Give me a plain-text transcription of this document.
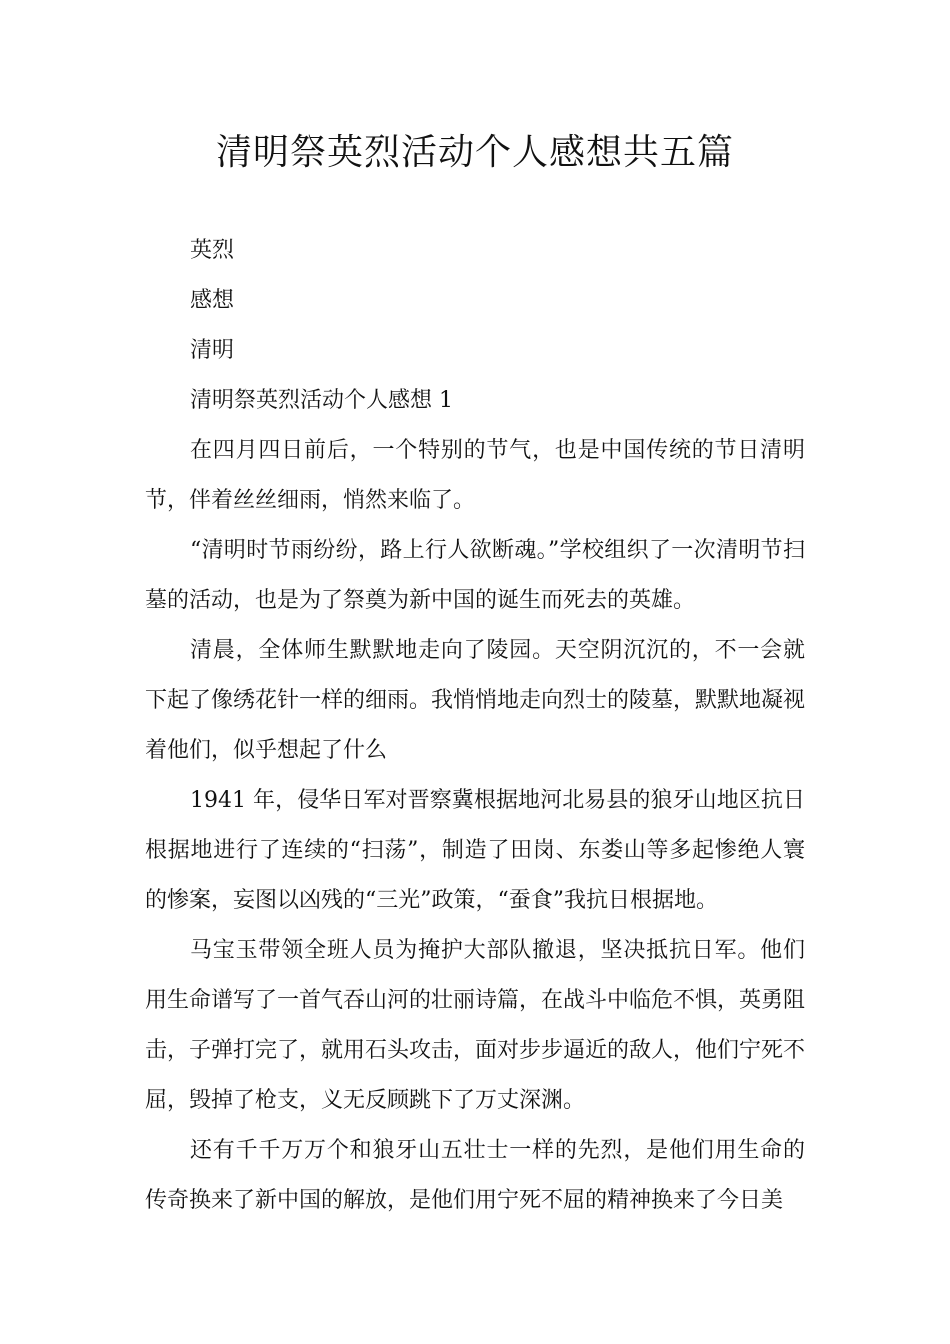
清明祭英烈活动个人感想共五篇

英烈

感想

清明

清明祭英烈活动个人感想 1

在四月四日前后，一个特别的节气，也是中国传统的节日清明节，伴着丝丝细雨，悄然来临了。

“清明时节雨纷纷，路上行人欲断魂。”学校组织了一次清明节扫墓的活动，也是为了祭奠为新中国的诞生而死去的英雄。

清晨，全体师生默默地走向了陵园。天空阴沉沉的，不一会就下起了像绣花针一样的细雨。我悄悄地走向烈士的陵墓，默默地凝视着他们，似乎想起了什么

1941 年，侵华日军对晋察冀根据地河北易县的狼牙山地区抗日根据地进行了连续的“扫荡”，制造了田岗、东娄山等多起惨绝人寰的惨案，妄图以凶残的“三光”政策，“蚕食”我抗日根据地。

马宝玉带领全班人员为掩护大部队撤退，坚决抵抗日军。他们用生命谱写了一首气吞山河的壮丽诗篇，在战斗中临危不惧，英勇阻击，子弹打完了，就用石头攻击，面对步步逼近的敌人，他们宁死不屈，毁掉了枪支，义无反顾跳下了万丈深渊。

还有千千万万个和狼牙山五壮士一样的先烈，是他们用生命的传奇换来了新中国的解放，是他们用宁死不屈的精神换来了今日美
